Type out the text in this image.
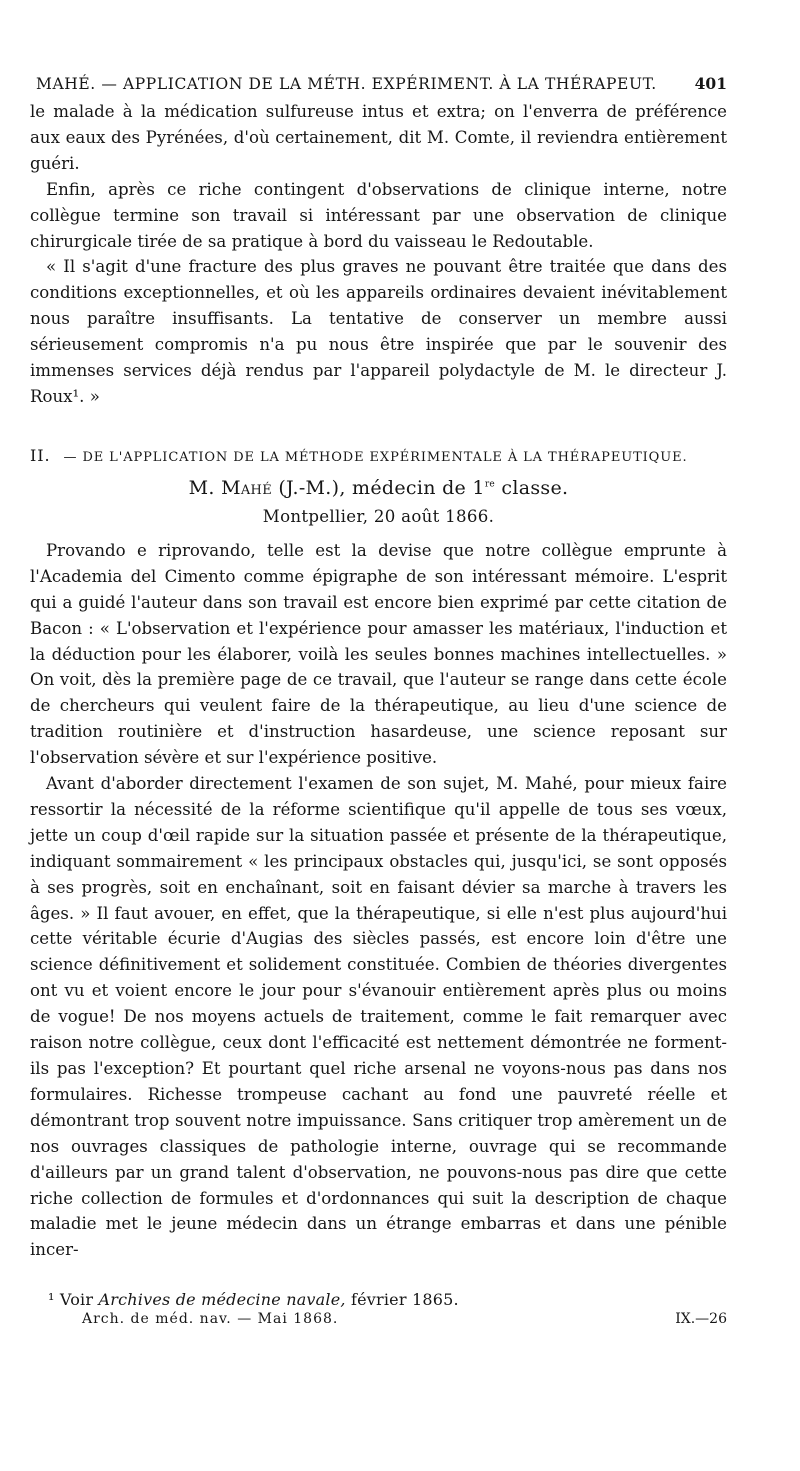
MAHÉ. — APPLICATION DE LA MÉTH. EXPÉRIMENT. À LA THÉRAPEUT. 401

le malade à la médication sulfureuse intus et extra; on l'enverra de préférence aux eaux des Pyrénées, d'où certainement, dit M. Comte, il reviendra entièrement guéri.

Enfin, après ce riche contingent d'observations de clinique interne, notre collègue termine son travail si intéressant par une observation de clinique chirurgicale tirée de sa pratique à bord du vaisseau le Redoutable.

« Il s'agit d'une fracture des plus graves ne pouvant être traitée que dans des conditions exceptionnelles, et où les appareils ordinaires devaient inévitablement nous paraître insuffisants. La tentative de conserver un membre aussi sérieusement compromis n'a pu nous être inspirée que par le souvenir des immenses services déjà rendus par l'appareil polydactyle de M. le directeur J. Roux¹. »

II. — DE L'APPLICATION DE LA MÉTHODE EXPÉRIMENTALE À LA THÉRAPEUTIQUE.
M. Mahé (J.-M.), médecin de 1re classe.
Montpellier, 20 août 1866.

Provando e riprovando, telle est la devise que notre collègue emprunte à l'Academia del Cimento comme épigraphe de son intéressant mémoire. L'esprit qui a guidé l'auteur dans son travail est encore bien exprimé par cette citation de Bacon : « L'observation et l'expérience pour amasser les matériaux, l'induction et la déduction pour les élaborer, voilà les seules bonnes machines intellectuelles. » On voit, dès la première page de ce travail, que l'auteur se range dans cette école de chercheurs qui veulent faire de la thérapeutique, au lieu d'une science de tradition routinière et d'instruction hasardeuse, une science reposant sur l'observation sévère et sur l'expérience positive.

Avant d'aborder directement l'examen de son sujet, M. Mahé, pour mieux faire ressortir la nécessité de la réforme scientifique qu'il appelle de tous ses vœux, jette un coup d'œil rapide sur la situation passée et présente de la thérapeutique, indiquant sommairement « les principaux obstacles qui, jusqu'ici, se sont opposés à ses progrès, soit en enchaînant, soit en faisant dévier sa marche à travers les âges. » Il faut avouer, en effet, que la thérapeutique, si elle n'est plus aujourd'hui cette véritable écurie d'Augias des siècles passés, est encore loin d'être une science définitivement et solidement constituée. Combien de théories divergentes ont vu et voient encore le jour pour s'évanouir entièrement après plus ou moins de vogue! De nos moyens actuels de traitement, comme le fait remarquer avec raison notre collègue, ceux dont l'efficacité est nettement démontrée ne forment-ils pas l'exception? Et pourtant quel riche arsenal ne voyons-nous pas dans nos formulaires. Richesse trompeuse cachant au fond une pauvreté réelle et démontrant trop souvent notre impuissance. Sans critiquer trop amèrement un de nos ouvrages classiques de pathologie interne, ouvrage qui se recommande d'ailleurs par un grand talent d'observation, ne pouvons-nous pas dire que cette riche collection de formules et d'ordonnances qui suit la description de chaque maladie met le jeune médecin dans un étrange embarras et dans une pénible incer-

¹ Voir Archives de médecine navale, février 1865.
Arch. de méd. nav. — Mai 1868.	IX.—26
